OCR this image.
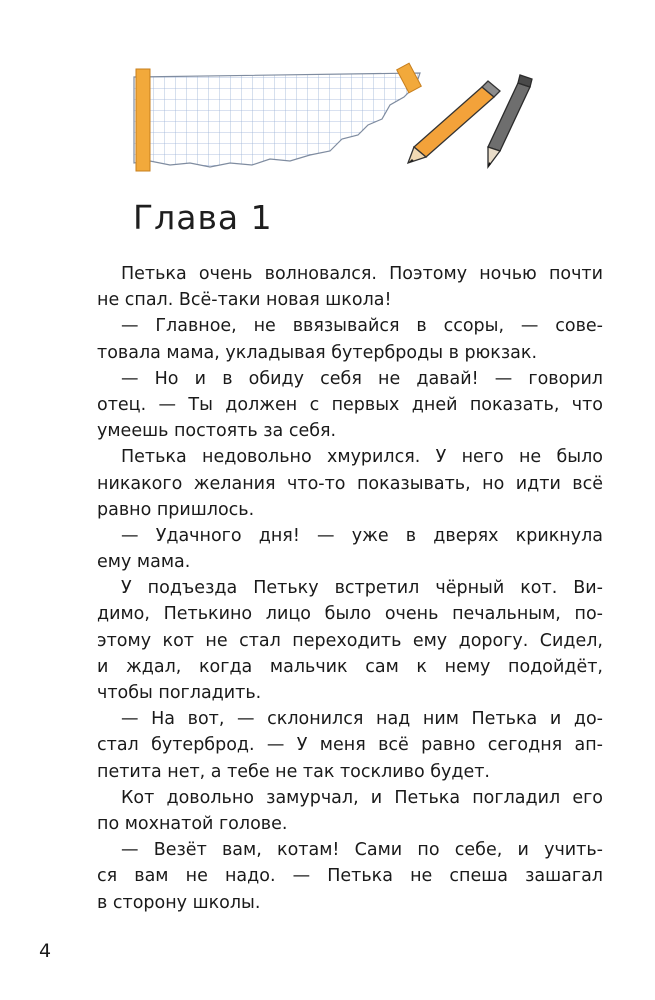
Глава 1
Петька очень волновался. Поэтому ночью почти
не спал. Всё-таки новая школа!
— Главное, не ввязывайся в ссоры, — сове-
товала мама, укладывая бутерброды в рюкзак.
— Но и в обиду себя не давай! — говорил
отец. — Ты должен с первых дней показать, что
умеешь постоять за себя.
Петька недовольно хмурился. У него не было
никакого желания что-то показывать, но идти всё
равно пришлось.
— Удачного дня! — уже в дверях крикнула
ему мама.
У подъезда Петьку встретил чёрный кот. Ви-
димо, Петькино лицо было очень печальным, по-
этому кот не стал переходить ему дорогу. Сидел,
и ждал, когда мальчик сам к нему подойдёт,
чтобы погладить.
— На вот, — склонился над ним Петька и до-
стал бутерброд. — У меня всё равно сегодня ап-
петита нет, а тебе не так тоскливо будет.
Кот довольно замурчал, и Петька погладил его
по мохнатой голове.
— Везёт вам, котам! Сами по себе, и учить-
ся вам не надо. — Петька не спеша зашагал
в сторону школы.
4
